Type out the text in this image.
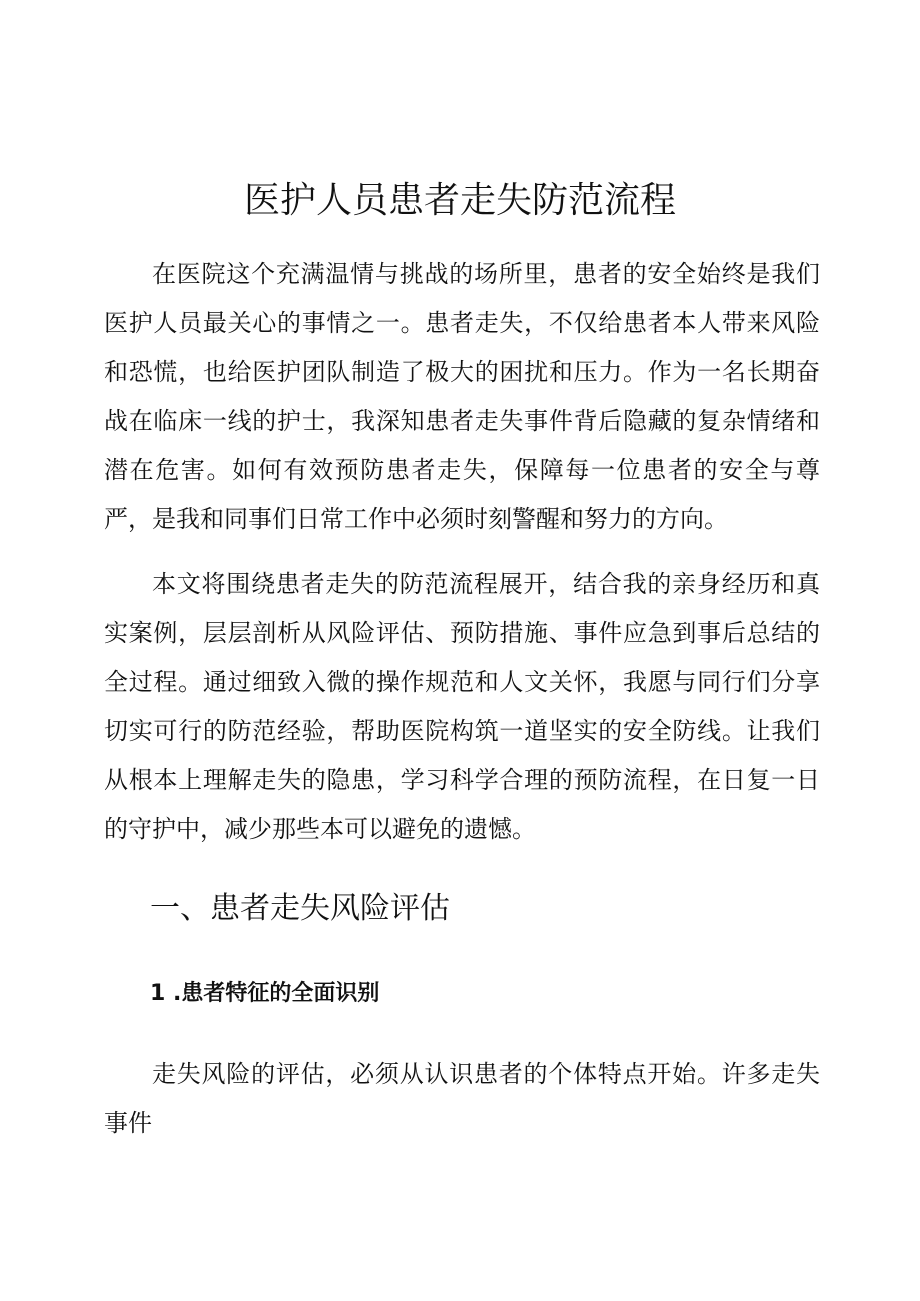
医护人员患者走失防范流程

在医院这个充满温情与挑战的场所里，患者的安全始终是我们医护人员最关心的事情之一。患者走失，不仅给患者本人带来风险和恐慌，也给医护团队制造了极大的困扰和压力。作为一名长期奋战在临床一线的护士，我深知患者走失事件背后隐藏的复杂情绪和潜在危害。如何有效预防患者走失，保障每一位患者的安全与尊严，是我和同事们日常工作中必须时刻警醒和努力的方向。

本文将围绕患者走失的防范流程展开，结合我的亲身经历和真实案例，层层剖析从风险评估、预防措施、事件应急到事后总结的全过程。通过细致入微的操作规范和人文关怀，我愿与同行们分享切实可行的防范经验，帮助医院构筑一道坚实的安全防线。让我们从根本上理解走失的隐患，学习科学合理的预防流程，在日复一日的守护中，减少那些本可以避免的遗憾。

一、患者走失风险评估
1 .患者特征的全面识别

走失风险的评估，必须从认识患者的个体特点开始。许多走失事件
